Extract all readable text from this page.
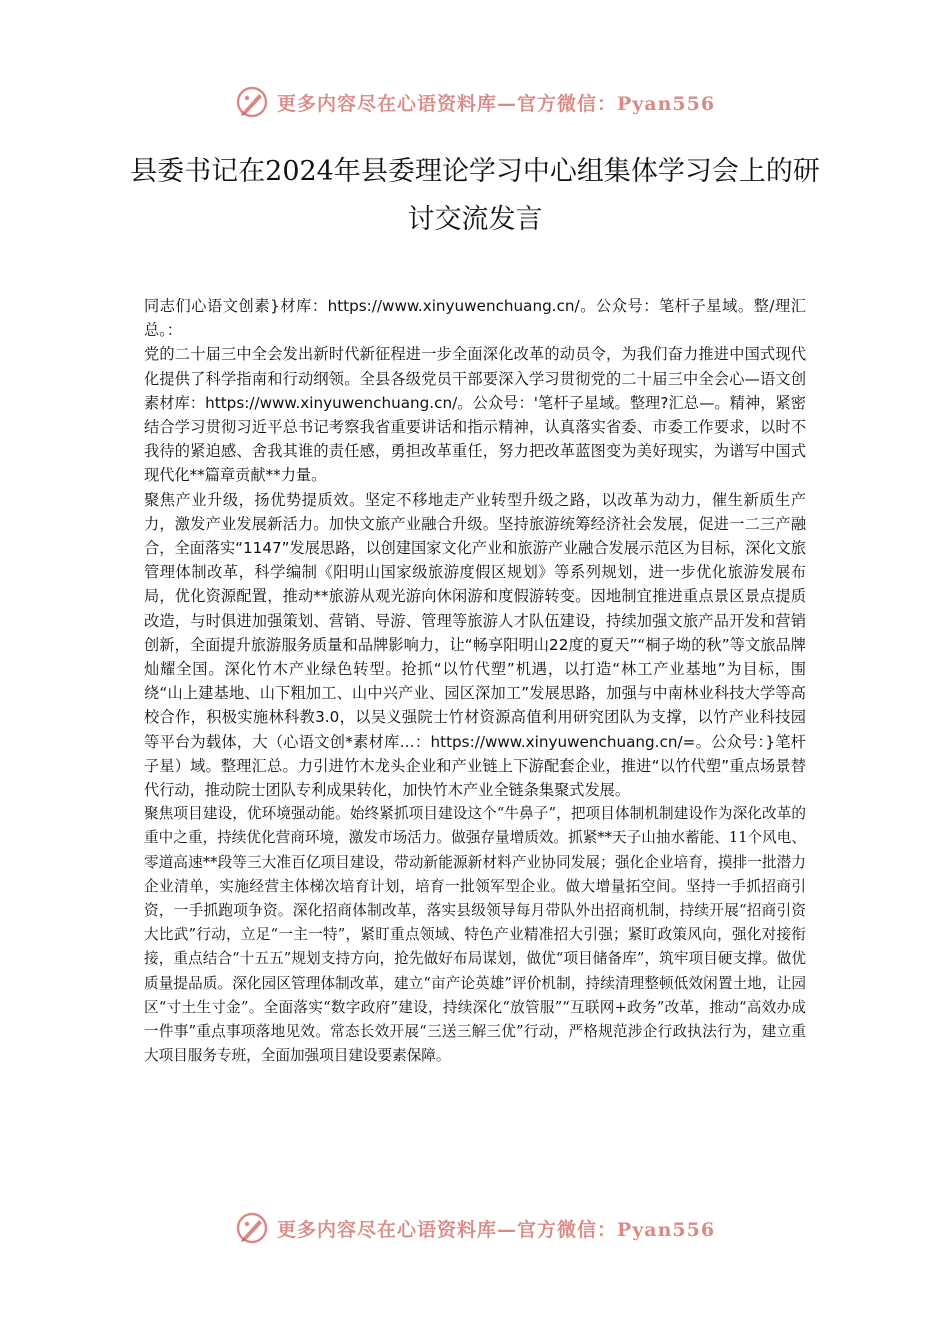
更多内容尽在心语资料库—官方微信：Pyan556
县委书记在2024年县委理论学习中心组集体学习会上的研讨交流发言

同志们心语文创素}材库：https://www.xinyuwenchuang.cn/。公众号：笔杆子星域。整/理汇总。：

党的二十届三中全会发出新时代新征程进一步全面深化改革的动员令，为我们奋力推进中国式现代化提供了科学指南和行动纲领。全县各级党员干部要深入学习贯彻党的二十届三中全会心—语文创素材库：https://www.xinyuwenchuang.cn/。公众号：'笔杆子星域。整理?汇总—。精神，紧密结合学习贯彻习近平总书记考察我省重要讲话和指示精神，认真落实省委、市委工作要求，以时不我待的紧迫感、舍我其谁的责任感，勇担改革重任，努力把改革蓝图变为美好现实，为谱写中国式现代化**篇章贡献**力量。

聚焦产业升级，扬优势提质效。坚定不移地走产业转型升级之路，以改革为动力，催生新质生产力，激发产业发展新活力。加快文旅产业融合升级。坚持旅游统筹经济社会发展，促进一二三产融合，全面落实“1147”发展思路，以创建国家文化产业和旅游产业融合发展示范区为目标，深化文旅管理体制改革，科学编制《阳明山国家级旅游度假区规划》等系列规划，进一步优化旅游发展布局，优化资源配置，推动**旅游从观光游向休闲游和度假游转变。因地制宜推进重点景区景点提质改造，与时俱进加强策划、营销、导游、管理等旅游人才队伍建设，持续加强文旅产品开发和营销创新，全面提升旅游服务质量和品牌影响力，让“畅享阳明山22度的夏天”“桐子坳的秋”等文旅品牌灿耀全国。深化竹木产业绿色转型。抢抓“以竹代塑”机遇，以打造“林工产业基地”为目标，围绕“山上建基地、山下粗加工、山中兴产业、园区深加工”发展思路，加强与中南林业科技大学等高校合作，积极实施林科教3.0，以吴义强院士竹材资源高值利用研究团队为支撑，以竹产业科技园等平台为载体，大（心语文创*素材库…：https://www.xinyuwenchuang.cn/=。公众号：}笔杆子星）域。整理汇总。力引进竹木龙头企业和产业链上下游配套企业，推进“以竹代塑”重点场景替代行动，推动院士团队专利成果转化，加快竹木产业全链条集聚式发展。

聚焦项目建设，优环境强动能。始终紧抓项目建设这个“牛鼻子”，把项目体制机制建设作为深化改革的重中之重，持续优化营商环境，激发市场活力。做强存量增质效。抓紧**天子山抽水蓄能、11个风电、零道高速**段等三大准百亿项目建设，带动新能源新材料产业协同发展；强化企业培育，摸排一批潜力企业清单，实施经营主体梯次培育计划，培育一批领军型企业。做大增量拓空间。坚持一手抓招商引资，一手抓跑项争资。深化招商体制改革，落实县级领导每月带队外出招商机制，持续开展“招商引资大比武”行动，立足“一主一特”，紧盯重点领域、特色产业精准招大引强；紧盯政策风向，强化对接衔接，重点结合“十五五”规划支持方向，抢先做好布局谋划，做优“项目储备库”，筑牢项目硬支撑。做优质量提品质。深化园区管理体制改革，建立“亩产论英雄”评价机制，持续清理整顿低效闲置土地，让园区“寸土生寸金”。全面落实“数字政府”建设，持续深化“放管服”“互联网+政务”改革，推动“高效办成一件事”重点事项落地见效。常态长效开展“三送三解三优”行动，严格规范涉企行政执法行为，建立重大项目服务专班，全面加强项目建设要素保障。

更多内容尽在心语资料库—官方微信：Pyan556
